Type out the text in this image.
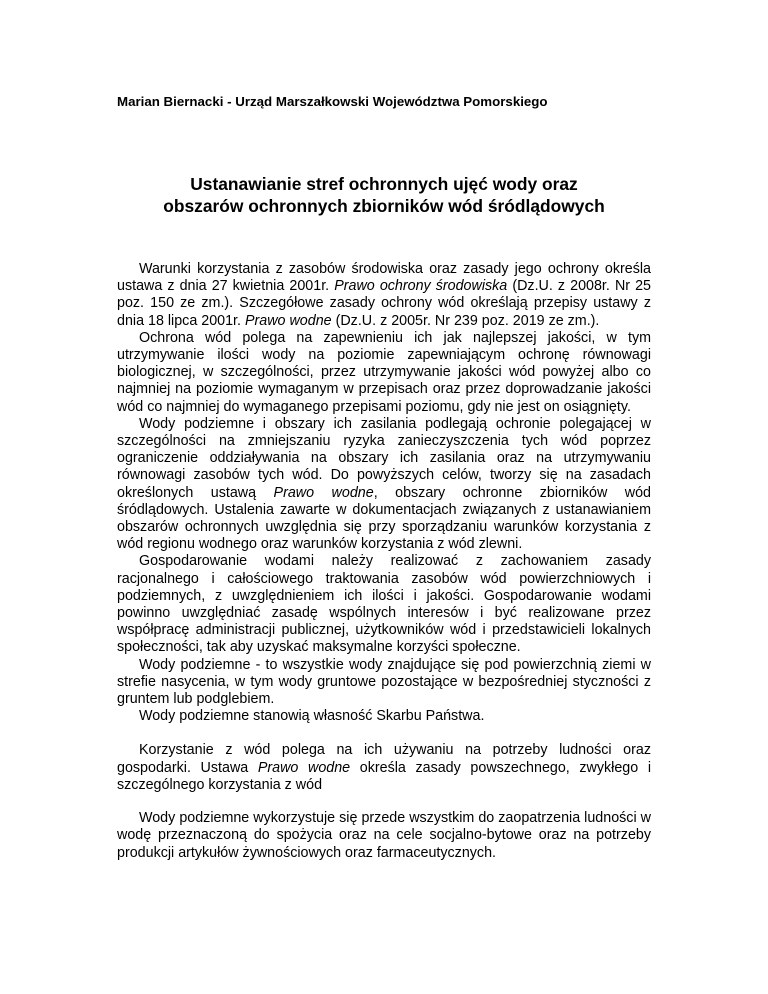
Marian Biernacki - Urząd Marszałkowski Województwa Pomorskiego
Ustanawianie stref ochronnych ujęć wody oraz
obszarów ochronnych zbiorników wód śródlądowych

Warunki korzystania z zasobów środowiska oraz zasady jego ochrony określa ustawa z dnia 27 kwietnia 2001r. Prawo ochrony środowiska (Dz.U. z 2008r. Nr 25 poz. 150 ze zm.). Szczegółowe zasady ochrony wód określają przepisy ustawy z dnia 18 lipca 2001r. Prawo wodne (Dz.U. z 2005r. Nr 239 poz. 2019 ze zm.).

Ochrona wód polega na zapewnieniu ich jak najlepszej jakości, w tym utrzymywanie ilości wody na poziomie zapewniającym ochronę równowagi biologicznej, w szczególności, przez utrzymywanie jakości wód powyżej albo co najmniej na poziomie wymaganym w przepisach oraz przez doprowadzanie jakości wód co najmniej do wymaganego przepisami poziomu, gdy nie jest on osiągnięty.

Wody podziemne i obszary ich zasilania podlegają ochronie polegającej w szczególności na zmniejszaniu ryzyka zanieczyszczenia tych wód poprzez ograniczenie oddziaływania na obszary ich zasilania oraz na utrzymywaniu równowagi zasobów tych wód. Do powyższych celów, tworzy się na zasadach określonych ustawą Prawo wodne, obszary ochronne zbiorników wód śródlądowych. Ustalenia zawarte w dokumentacjach związanych z ustanawianiem obszarów ochronnych uwzględnia się przy sporządzaniu warunków korzystania z wód regionu wodnego oraz warunków korzystania z wód zlewni.

Gospodarowanie wodami należy realizować z zachowaniem zasady racjonalnego i całościowego traktowania zasobów wód powierzchniowych i podziemnych, z uwzględnieniem ich ilości i jakości. Gospodarowanie wodami powinno uwzględniać zasadę wspólnych interesów i być realizowane przez współpracę administracji publicznej, użytkowników wód i przedstawicieli lokalnych społeczności, tak aby uzyskać maksymalne korzyści społeczne.

Wody podziemne - to wszystkie wody znajdujące się pod powierzchnią ziemi w strefie nasycenia, w tym wody gruntowe pozostające w bezpośredniej styczności z gruntem lub podglebiem.

Wody podziemne stanowią własność Skarbu Państwa.

Korzystanie z wód polega na ich używaniu na potrzeby ludności oraz gospodarki. Ustawa Prawo wodne określa zasady powszechnego, zwykłego i szczególnego korzystania z wód

Wody podziemne wykorzystuje się przede wszystkim do zaopatrzenia ludności w wodę przeznaczoną do spożycia oraz na cele socjalno-bytowe oraz na potrzeby produkcji artykułów żywnościowych oraz farmaceutycznych.
